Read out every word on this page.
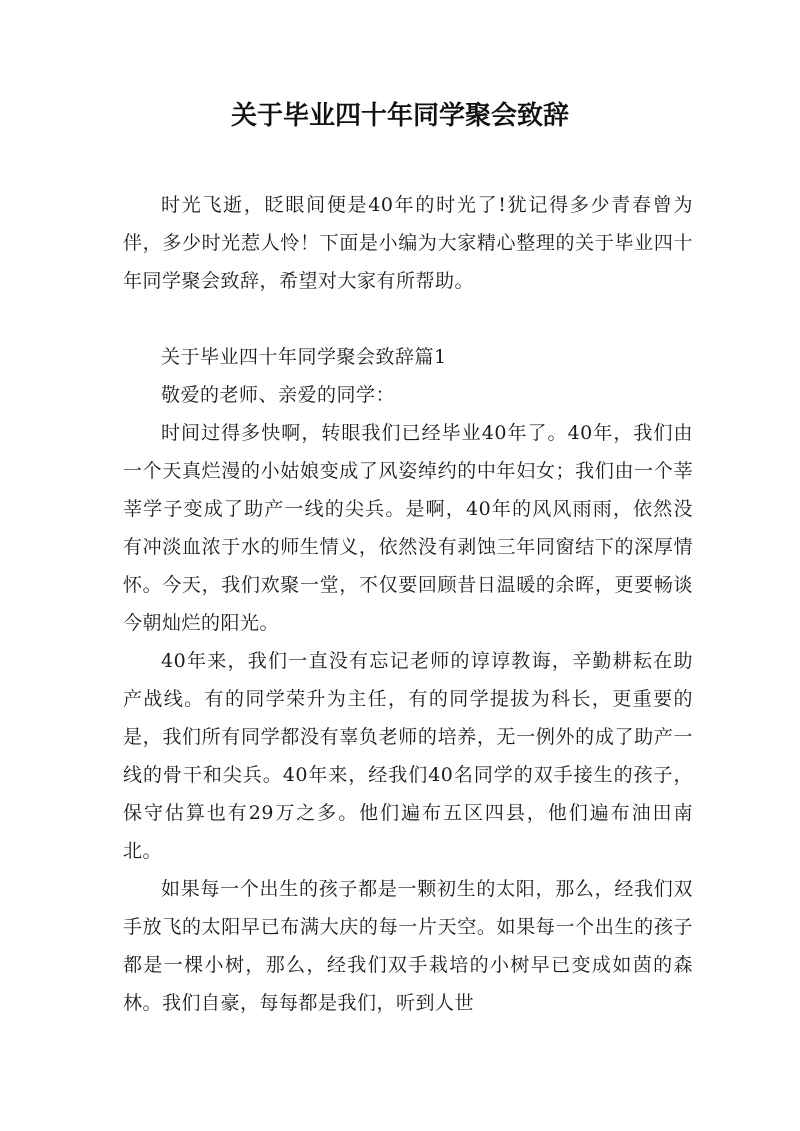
关于毕业四十年同学聚会致辞

时光飞逝，眨眼间便是40年的时光了!犹记得多少青春曾为伴，多少时光惹人怜！下面是小编为大家精心整理的关于毕业四十年同学聚会致辞，希望对大家有所帮助。

关于毕业四十年同学聚会致辞篇1

敬爱的老师、亲爱的同学：

时间过得多快啊，转眼我们已经毕业40年了。40年，我们由一个天真烂漫的小姑娘变成了风姿绰约的中年妇女；我们由一个莘莘学子变成了助产一线的尖兵。是啊，40年的风风雨雨，依然没有冲淡血浓于水的师生情义，依然没有剥蚀三年同窗结下的深厚情怀。今天，我们欢聚一堂，不仅要回顾昔日温暖的余晖，更要畅谈今朝灿烂的阳光。

40年来，我们一直没有忘记老师的谆谆教诲，辛勤耕耘在助产战线。有的同学荣升为主任，有的同学提拔为科长，更重要的是，我们所有同学都没有辜负老师的培养，无一例外的成了助产一线的骨干和尖兵。40年来，经我们40名同学的双手接生的孩子，保守估算也有29万之多。他们遍布五区四县，他们遍布油田南北。

如果每一个出生的孩子都是一颗初生的太阳，那么，经我们双手放飞的太阳早已布满大庆的每一片天空。如果每一个出生的孩子都是一棵小树，那么，经我们双手栽培的小树早已变成如茵的森林。我们自豪，每每都是我们，听到人世
